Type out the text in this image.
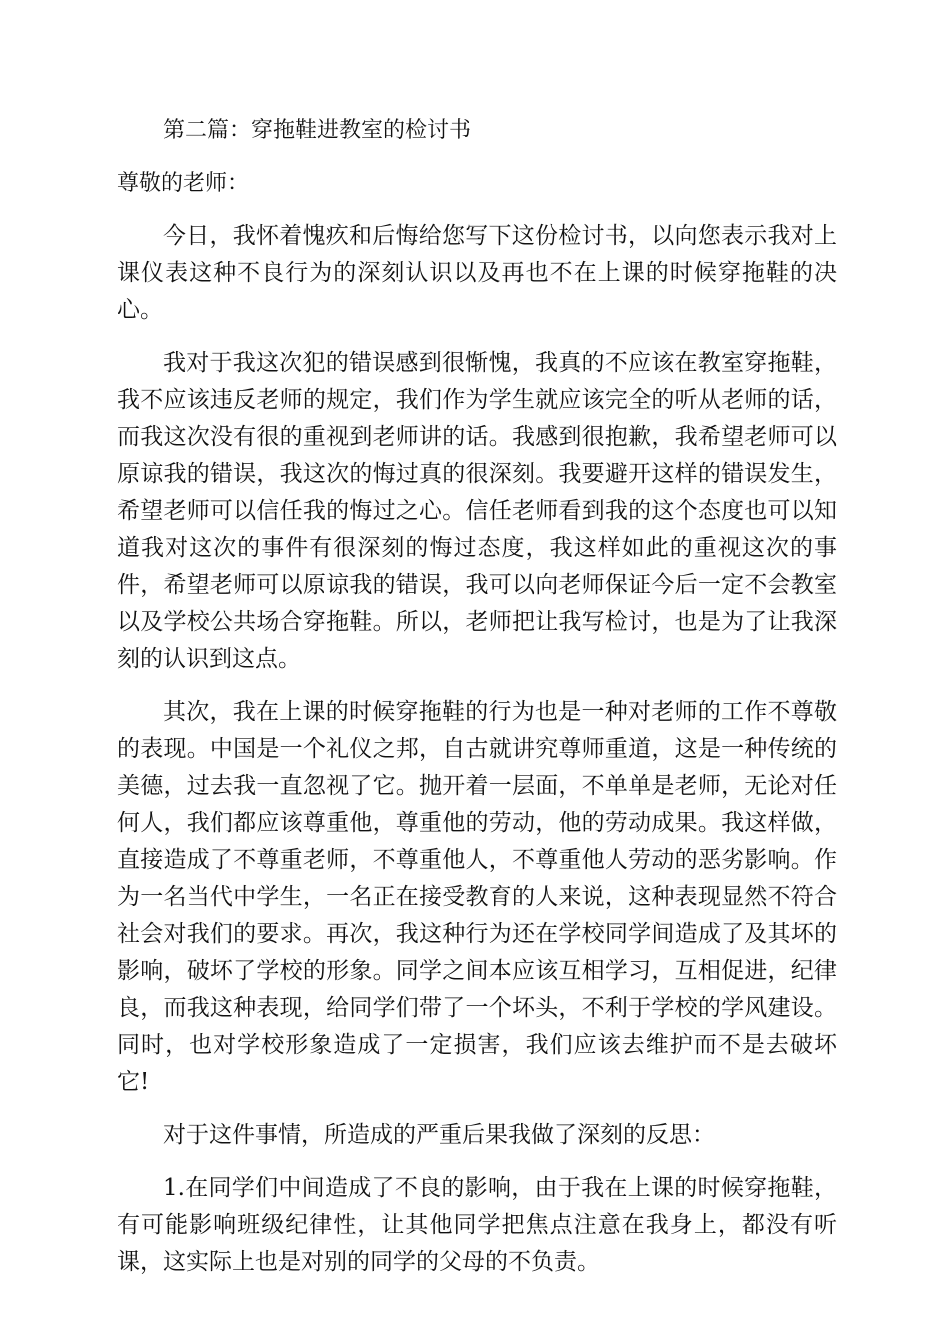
第二篇：穿拖鞋进教室的检讨书

尊敬的老师：

今日，我怀着愧疚和后悔给您写下这份检讨书，以向您表示我对上课仪表这种不良行为的深刻认识以及再也不在上课的时候穿拖鞋的决心。

我对于我这次犯的错误感到很惭愧，我真的不应该在教室穿拖鞋，我不应该违反老师的规定，我们作为学生就应该完全的听从老师的话，而我这次没有很的重视到老师讲的话。我感到很抱歉，我希望老师可以原谅我的错误，我这次的悔过真的很深刻。我要避开这样的错误发生，希望老师可以信任我的悔过之心。信任老师看到我的这个态度也可以知道我对这次的事件有很深刻的悔过态度，我这样如此的重视这次的事件，希望老师可以原谅我的错误，我可以向老师保证今后一定不会教室以及学校公共场合穿拖鞋。所以，老师把让我写检讨，也是为了让我深刻的认识到这点。

其次，我在上课的时候穿拖鞋的行为也是一种对老师的工作不尊敬的表现。中国是一个礼仪之邦，自古就讲究尊师重道，这是一种传统的美德，过去我一直忽视了它。抛开着一层面，不单单是老师，无论对任何人，我们都应该尊重他，尊重他的劳动，他的劳动成果。我这样做，直接造成了不尊重老师，不尊重他人，不尊重他人劳动的恶劣影响。作为一名当代中学生，一名正在接受教育的人来说，这种表现显然不符合社会对我们的要求。再次，我这种行为还在学校同学间造成了及其坏的影响，破坏了学校的形象。同学之间本应该互相学习，互相促进，纪律良，而我这种表现，给同学们带了一个坏头，不利于学校的学风建设。同时，也对学校形象造成了一定损害，我们应该去维护而不是去破坏它!

对于这件事情，所造成的严重后果我做了深刻的反思：

1.在同学们中间造成了不良的影响，由于我在上课的时候穿拖鞋，有可能影响班级纪律性，让其他同学把焦点注意在我身上，都没有听课，这实际上也是对别的同学的父母的不负责。
